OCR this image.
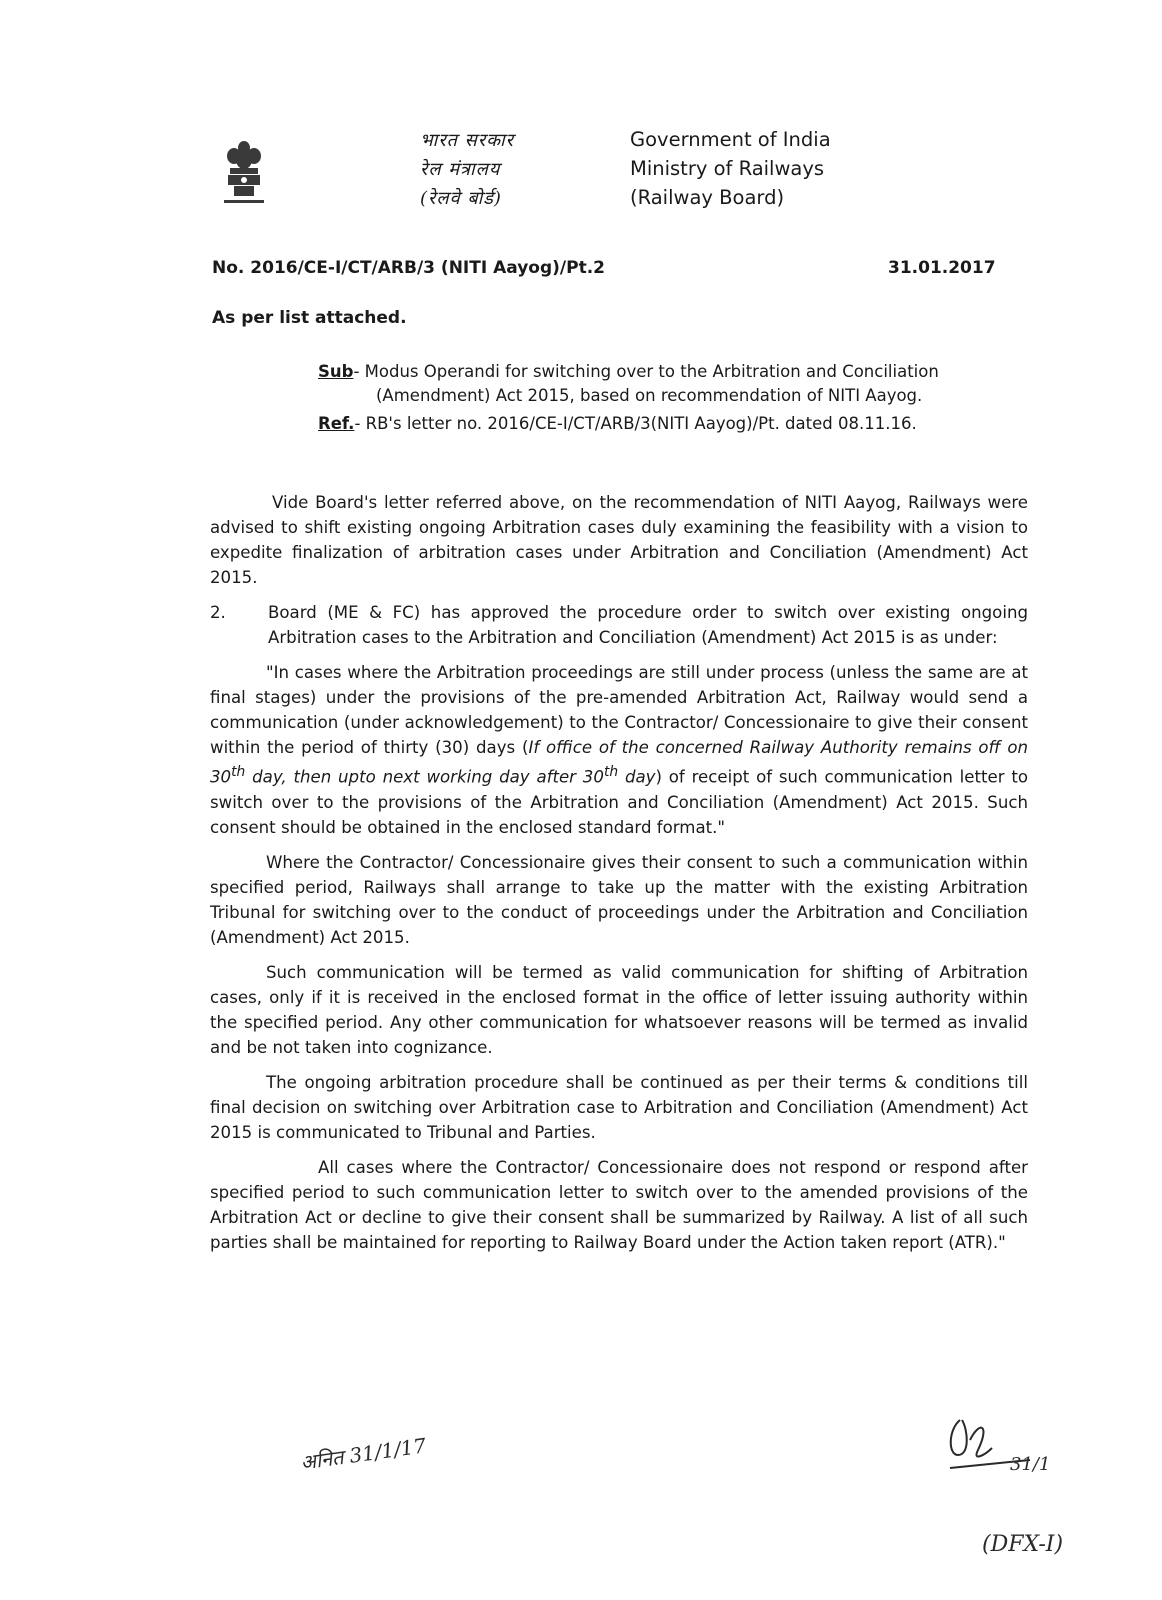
भारत सरकार	Government of India
रेल मंत्रालय	Ministry of Railways
(रेलवे बोर्ड)	(Railway Board)
No. 2016/CE-I/CT/ARB/3 (NITI Aayog)/Pt.2	31.01.2017
As per list attached.

Sub- Modus Operandi for switching over to the Arbitration and Conciliation (Amendment) Act 2015, based on recommendation of NITI Aayog.

Ref.- RB's letter no. 2016/CE-I/CT/ARB/3(NITI Aayog)/Pt. dated 08.11.16.

Vide Board's letter referred above, on the recommendation of NITI Aayog, Railways were advised to shift existing ongoing Arbitration cases duly examining the feasibility with a vision to expedite finalization of arbitration cases under Arbitration and Conciliation (Amendment) Act 2015.

2.	Board (ME & FC) has approved the procedure order to switch over existing ongoing Arbitration cases to the Arbitration and Conciliation (Amendment) Act 2015 is as under:

"In cases where the Arbitration proceedings are still under process (unless the same are at final stages) under the provisions of the pre-amended Arbitration Act, Railway would send a communication (under acknowledgement) to the Contractor/ Concessionaire to give their consent within the period of thirty (30) days (If office of the concerned Railway Authority remains off on 30th day, then upto next working day after 30th day) of receipt of such communication letter to switch over to the provisions of the Arbitration and Conciliation (Amendment) Act 2015. Such consent should be obtained in the enclosed standard format."

Where the Contractor/ Concessionaire gives their consent to such a communication within specified period, Railways shall arrange to take up the matter with the existing Arbitration Tribunal for switching over to the conduct of proceedings under the Arbitration and Conciliation (Amendment) Act 2015.

Such communication will be termed as valid communication for shifting of Arbitration cases, only if it is received in the enclosed format in the office of letter issuing authority within the specified period. Any other communication for whatsoever reasons will be termed as invalid and be not taken into cognizance.

The ongoing arbitration procedure shall be continued as per their terms & conditions till final decision on switching over Arbitration case to Arbitration and Conciliation (Amendment) Act 2015 is communicated to Tribunal and Parties.

All cases where the Contractor/ Concessionaire does not respond or respond after specified period to such communication letter to switch over to the amended provisions of the Arbitration Act or decline to give their consent shall be summarized by Railway. A list of all such parties shall be maintained for reporting to Railway Board under the Action taken report (ATR)."

अनित 31/1/17	31/1
(DFX-I)
